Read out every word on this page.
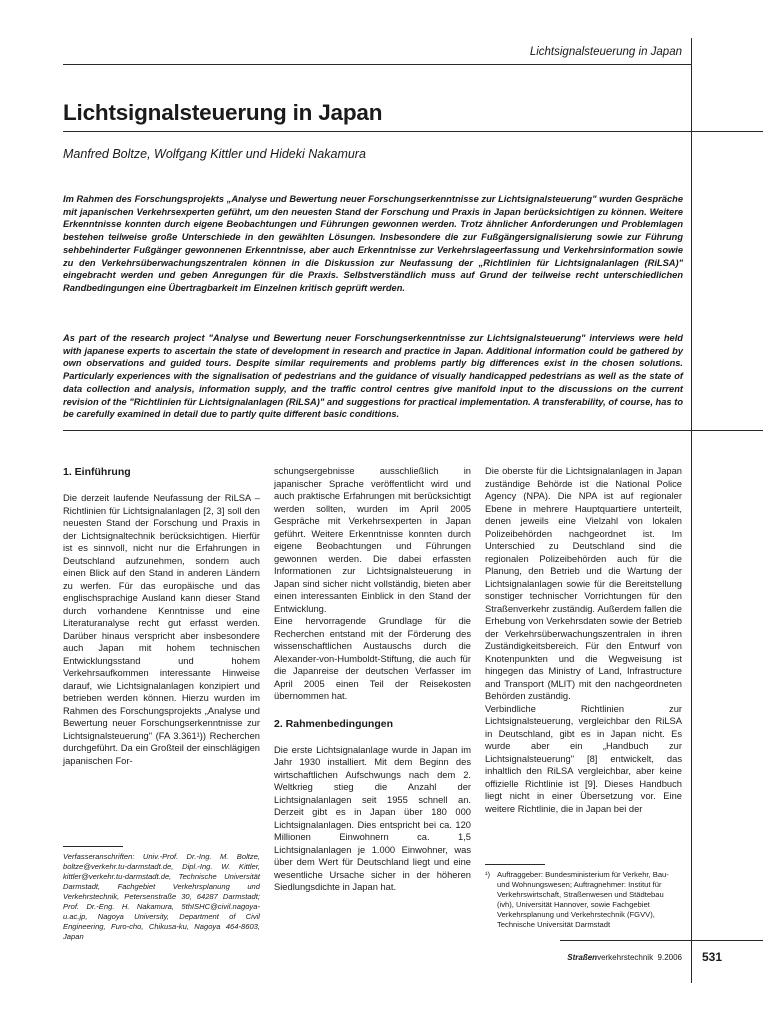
Lichtsignalsteuerung in Japan
Lichtsignalsteuerung in Japan
Manfred Boltze, Wolfgang Kittler und Hideki Nakamura
Im Rahmen des Forschungsprojekts „Analyse und Bewertung neuer Forschungserkenntnisse zur Lichtsignalsteuerung" wurden Gespräche mit japanischen Verkehrsexperten geführt, um den neuesten Stand der Forschung und Praxis in Japan berücksichtigen zu können. Weitere Erkenntnisse konnten durch eigene Beobachtungen und Führungen gewonnen werden. Trotz ähnlicher Anforderungen und Problemlagen bestehen teilweise große Unterschiede in den gewählten Lösungen. Insbesondere die zur Fußgängersignalisierung sowie zur Führung sehbehinderter Fußgänger gewonnenen Erkenntnisse, aber auch Erkenntnisse zur Verkehrslageerfassung und Verkehrsinformation sowie zu den Verkehrsüberwachungszentralen können in die Diskussion zur Neufassung der „Richtlinien für Lichtsignalanlagen (RiLSA)" eingebracht werden und geben Anregungen für die Praxis. Selbstverständlich muss auf Grund der teilweise recht unterschiedlichen Randbedingungen eine Übertragbarkeit im Einzelnen kritisch geprüft werden.
As part of the research project "Analyse und Bewertung neuer Forschungserkenntnisse zur Lichtsignalsteuerung" interviews were held with japanese experts to ascertain the state of development in research and practice in Japan. Additional information could be gathered by own observations and guided tours. Despite similar requirements and problems partly big differences exist in the chosen solutions. Particularly experiences with the signalisation of pedestrians and the guidance of visually handicapped pedestrians as well as the state of data collection and analysis, information supply, and the traffic control centres give manifold input to the discussions on the current revision of the "Richtlinien für Lichtsignalanlagen (RiLSA)" and suggestions for practical implementation. A transferability, of course, has to be carefully examined in detail due to partly quite different basic conditions.
1. Einführung

Die derzeit laufende Neufassung der RiLSA – Richtlinien für Lichtsignalanlagen [2, 3] soll den neuesten Stand der Forschung und Praxis in der Lichtsignaltechnik berücksichtigen. Hierfür ist es sinnvoll, nicht nur die Erfahrungen in Deutschland aufzunehmen, sondern auch einen Blick auf den Stand in anderen Ländern zu werfen. Für das europäische und das englischsprachige Ausland kann dieser Stand durch vorhandene Kenntnisse und eine Literaturanalyse recht gut erfasst werden. Darüber hinaus verspricht aber insbesondere auch Japan mit hohem technischen Entwicklungsstand und hohem Verkehrsaufkommen interessante Hinweise darauf, wie Lichtsignalanlagen konzipiert und betrieben werden können. Hierzu wurden im Rahmen des Forschungsprojekts „Analyse und Bewertung neuer Forschungserkenntnisse zur Lichtsignalsteuerung" (FA 3.361¹)) Recherchen durchgeführt. Da ein Großteil der einschlägigen japanischen For-

schungsergebnisse ausschließlich in japanischer Sprache veröffentlicht wird und auch praktische Erfahrungen mit berücksichtigt werden sollten, wurden im April 2005 Gespräche mit Verkehrsexperten in Japan geführt. Weitere Erkenntnisse konnten durch eigene Beobachtungen und Führungen gewonnen werden. Die dabei erfassten Informationen zur Lichtsignalsteuerung in Japan sind sicher nicht vollständig, bieten aber einen interessanten Einblick in den Stand der Entwicklung.

Eine hervorragende Grundlage für die Recherchen entstand mit der Förderung des wissenschaftlichen Austauschs durch die Alexander-von-Humboldt-Stiftung, die auch für die Japanreise der deutschen Verfasser im April 2005 einen Teil der Reisekosten übernommen hat.

2. Rahmenbedingungen

Die erste Lichtsignalanlage wurde in Japan im Jahr 1930 installiert. Mit dem Beginn des wirtschaftlichen Aufschwungs nach dem 2. Weltkrieg stieg die Anzahl der Lichtsignalanlagen seit 1955 schnell an. Derzeit gibt es in Japan über 180 000 Lichtsignalanlagen. Dies entspricht bei ca. 120 Millionen Einwohnern ca. 1,5 Lichtsignalanlagen je 1.000 Einwohner, was über dem Wert für Deutschland liegt und eine wesentliche Ursache sicher in der höheren Siedlungsdichte in Japan hat.

Die oberste für die Lichtsignalanlagen in Japan zuständige Behörde ist die National Police Agency (NPA). Die NPA ist auf regionaler Ebene in mehrere Hauptquartiere unterteilt, denen jeweils eine Vielzahl von lokalen Polizeibehörden nachgeordnet ist. Im Unterschied zu Deutschland sind die regionalen Polizeibehörden auch für die Planung, den Betrieb und die Wartung der Lichtsignalanlagen sowie für die Bereitstellung sonstiger technischer Vorrichtungen für den Straßenverkehr zuständig. Außerdem fallen die Erhebung von Verkehrsdaten sowie der Betrieb der Verkehrsüberwachungszentralen in ihren Zuständigkeitsbereich. Für den Entwurf von Knotenpunkten und die Wegweisung ist hingegen das Ministry of Land, Infrastructure and Transport (MLIT) mit den nachgeordneten Behörden zuständig.

Verbindliche Richtlinien zur Lichtsignalsteuerung, vergleichbar den RiLSA in Deutschland, gibt es in Japan nicht. Es wurde aber ein „Handbuch zur Lichtsignalsteuerung" [8] entwickelt, das inhaltlich den RiLSA vergleichbar, aber keine offizielle Richtlinie ist [9]. Dieses Handbuch liegt nicht in einer Übersetzung vor. Eine weitere Richtlinie, die in Japan bei der

Verfasseranschriften: Univ.-Prof. Dr.-Ing. M. Boltze, boltze@verkehr.tu-darmstadt.de, Dipl.-Ing. W. Kittler, kittler@verkehr.tu-darmstadt.de, Technische Universität Darmstadt, Fachgebiet Verkehrsplanung und Verkehrstechnik, Petersenstraße 30, 64287 Darmstadt; Prof. Dr.-Eng. H. Nakamura, 5thISHC@civil.nagoya-u.ac.jp, Nagoya University, Department of Civil Engineering, Furo-cho, Chikusa-ku, Nagoya 464-8603, Japan
¹) Auftraggeber: Bundesministerium für Verkehr, Bau- und Wohnungswesen; Auftragnehmer: Institut für Verkehrswirtschaft, Straßenwesen und Städtebau (ivh), Universität Hannover, sowie Fachgebiet Verkehrsplanung und Verkehrstechnik (FGVV), Technische Universität Darmstadt
Straßenverkehrstechnik  9.2006 531
